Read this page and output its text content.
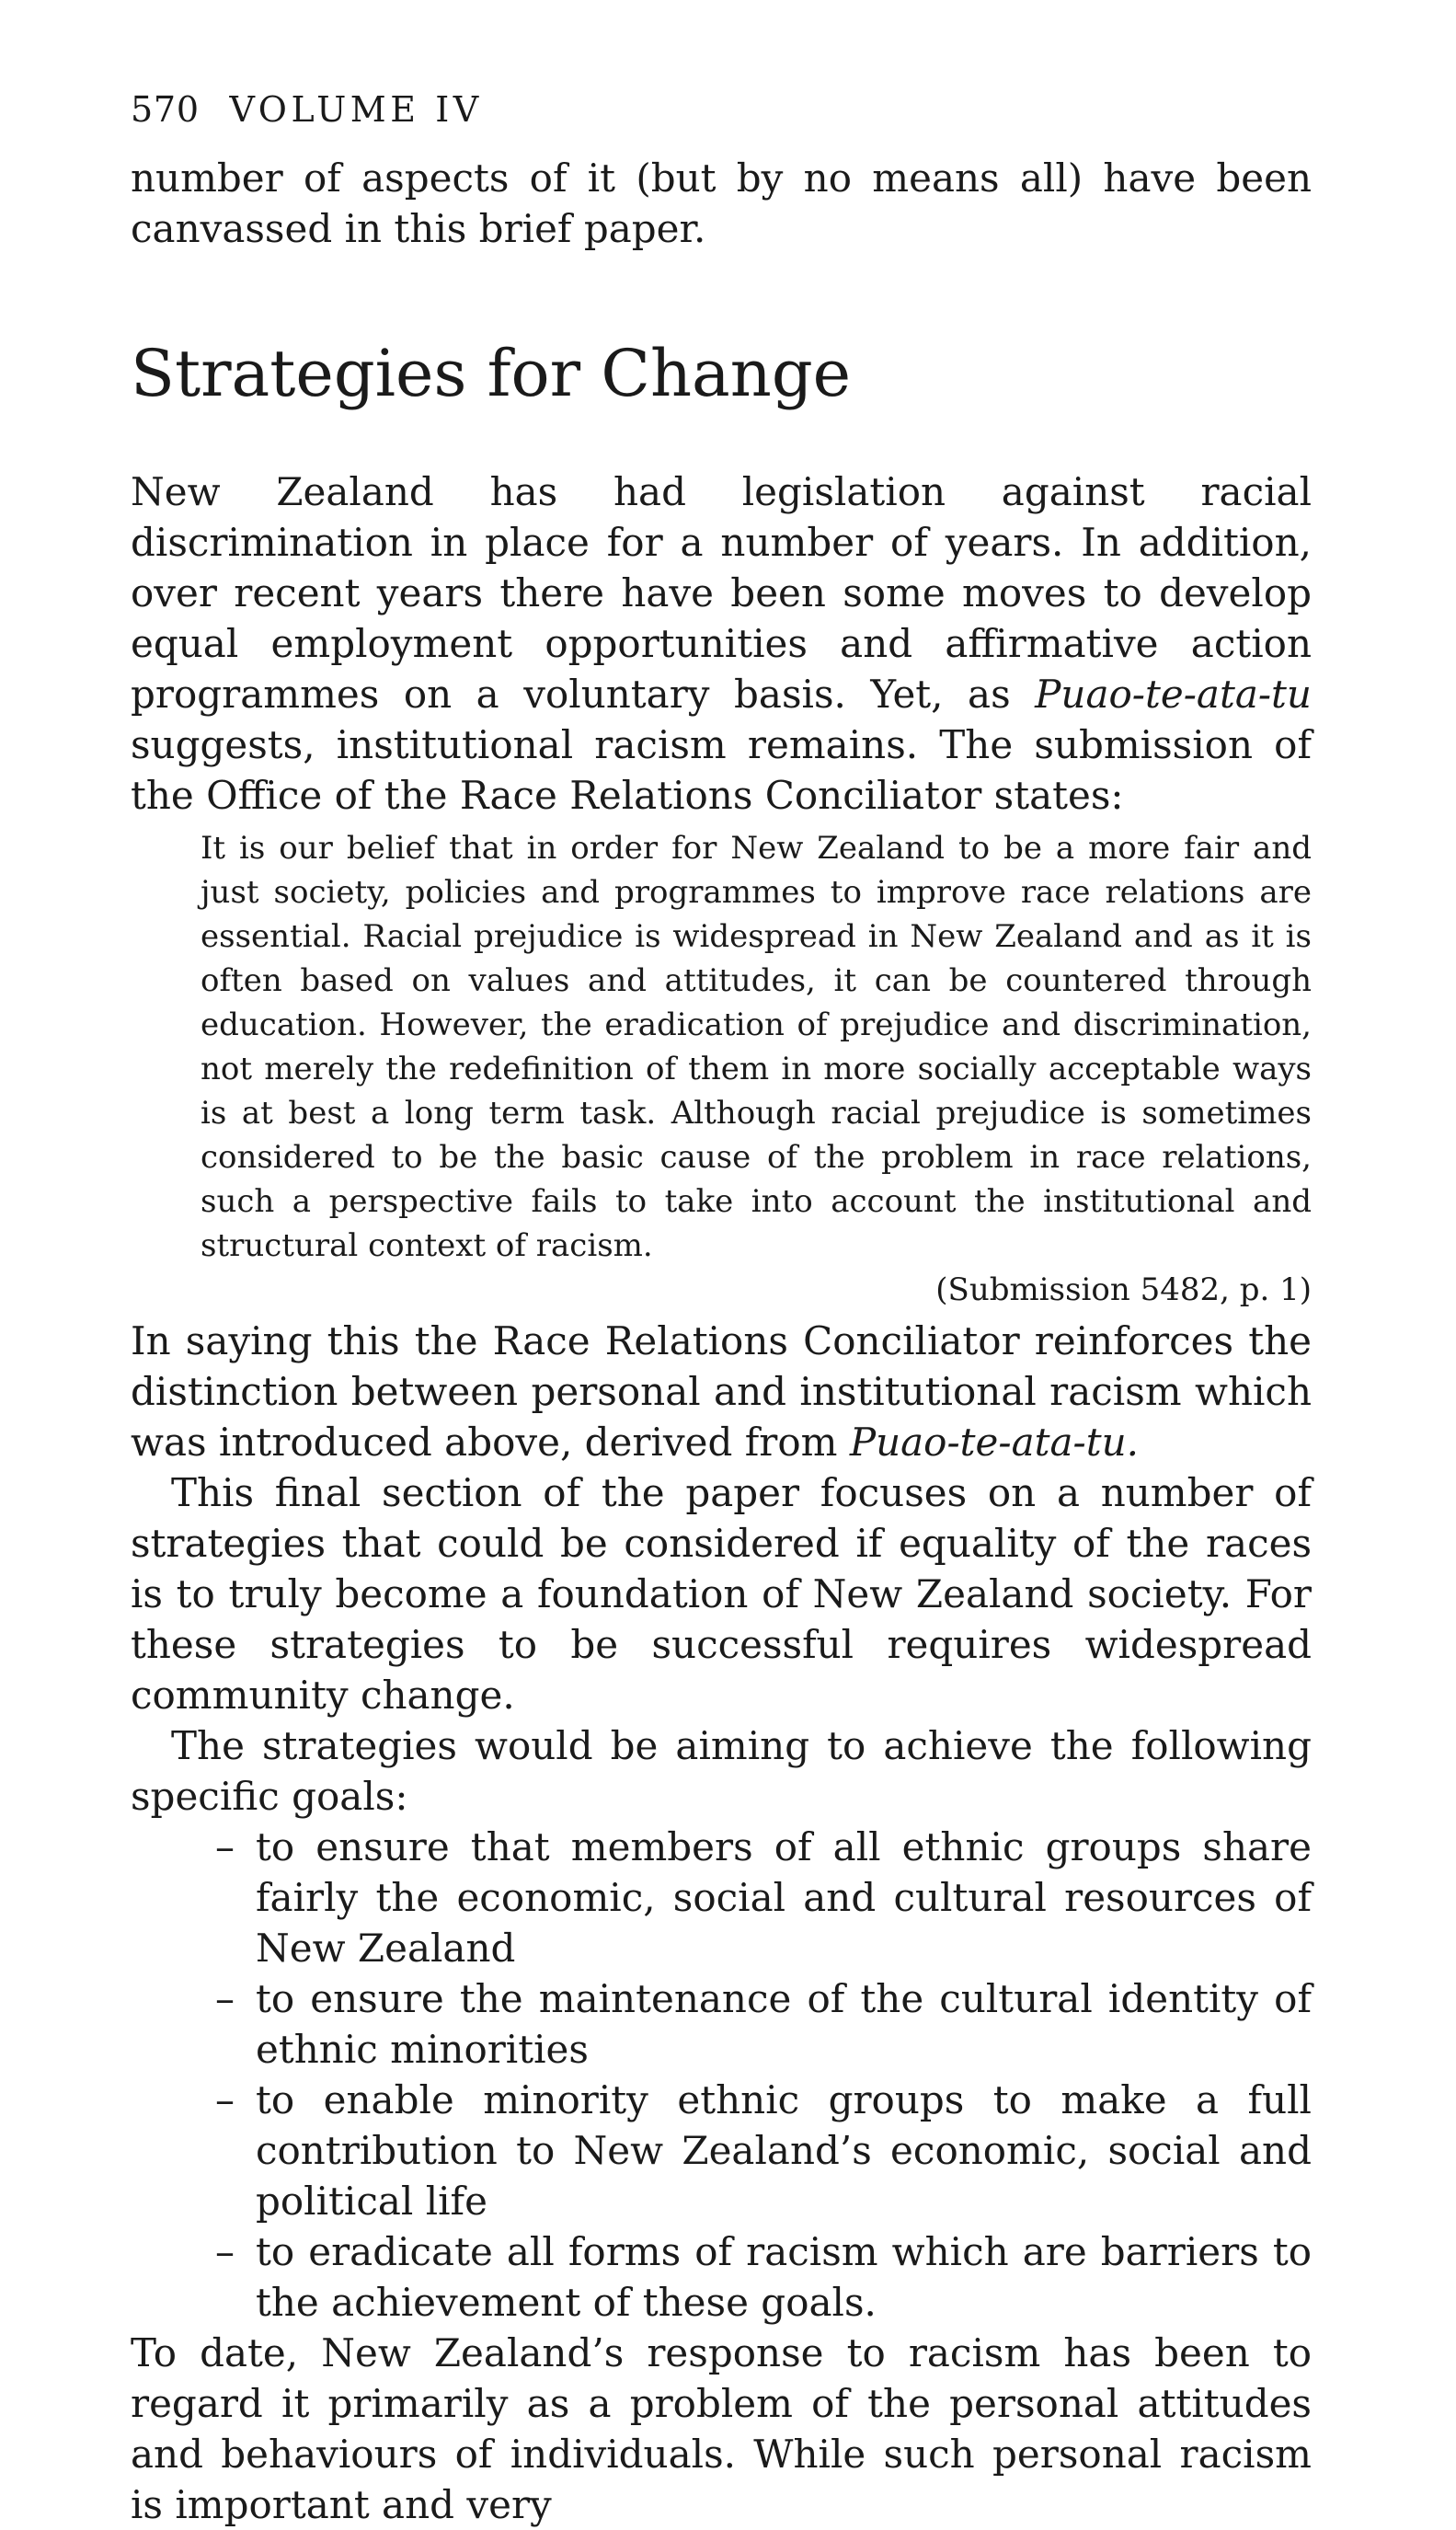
570 VOLUME IV

number of aspects of it (but by no means all) have been canvassed in this brief paper.

Strategies for Change

New Zealand has had legislation against racial discrimination in place for a number of years. In addition, over recent years there have been some moves to develop equal employment opportunities and affirmative action programmes on a voluntary basis. Yet, as Puao-te-ata-tu suggests, institutional racism remains. The submission of the Office of the Race Relations Conciliator states:

It is our belief that in order for New Zealand to be a more fair and just society, policies and programmes to improve race relations are essential. Racial prejudice is widespread in New Zealand and as it is often based on values and attitudes, it can be countered through education. However, the eradication of prejudice and discrimination, not merely the redefinition of them in more socially acceptable ways is at best a long term task. Although racial prejudice is sometimes considered to be the basic cause of the problem in race relations, such a perspective fails to take into account the institutional and structural context of racism.

(Submission 5482, p. 1)

In saying this the Race Relations Conciliator reinforces the distinction between personal and institutional racism which was introduced above, derived from Puao-te-ata-tu.

This final section of the paper focuses on a number of strategies that could be considered if equality of the races is to truly become a foundation of New Zealand society. For these strategies to be successful requires widespread community change.

The strategies would be aiming to achieve the following specific goals:

– to ensure that members of all ethnic groups share fairly the economic, social and cultural resources of New Zealand
– to ensure the maintenance of the cultural identity of ethnic minorities
– to enable minority ethnic groups to make a full contribution to New Zealand’s economic, social and political life
– to eradicate all forms of racism which are barriers to the achievement of these goals.

To date, New Zealand’s response to racism has been to regard it primarily as a problem of the personal attitudes and behaviours of individuals. While such personal racism is important and very
